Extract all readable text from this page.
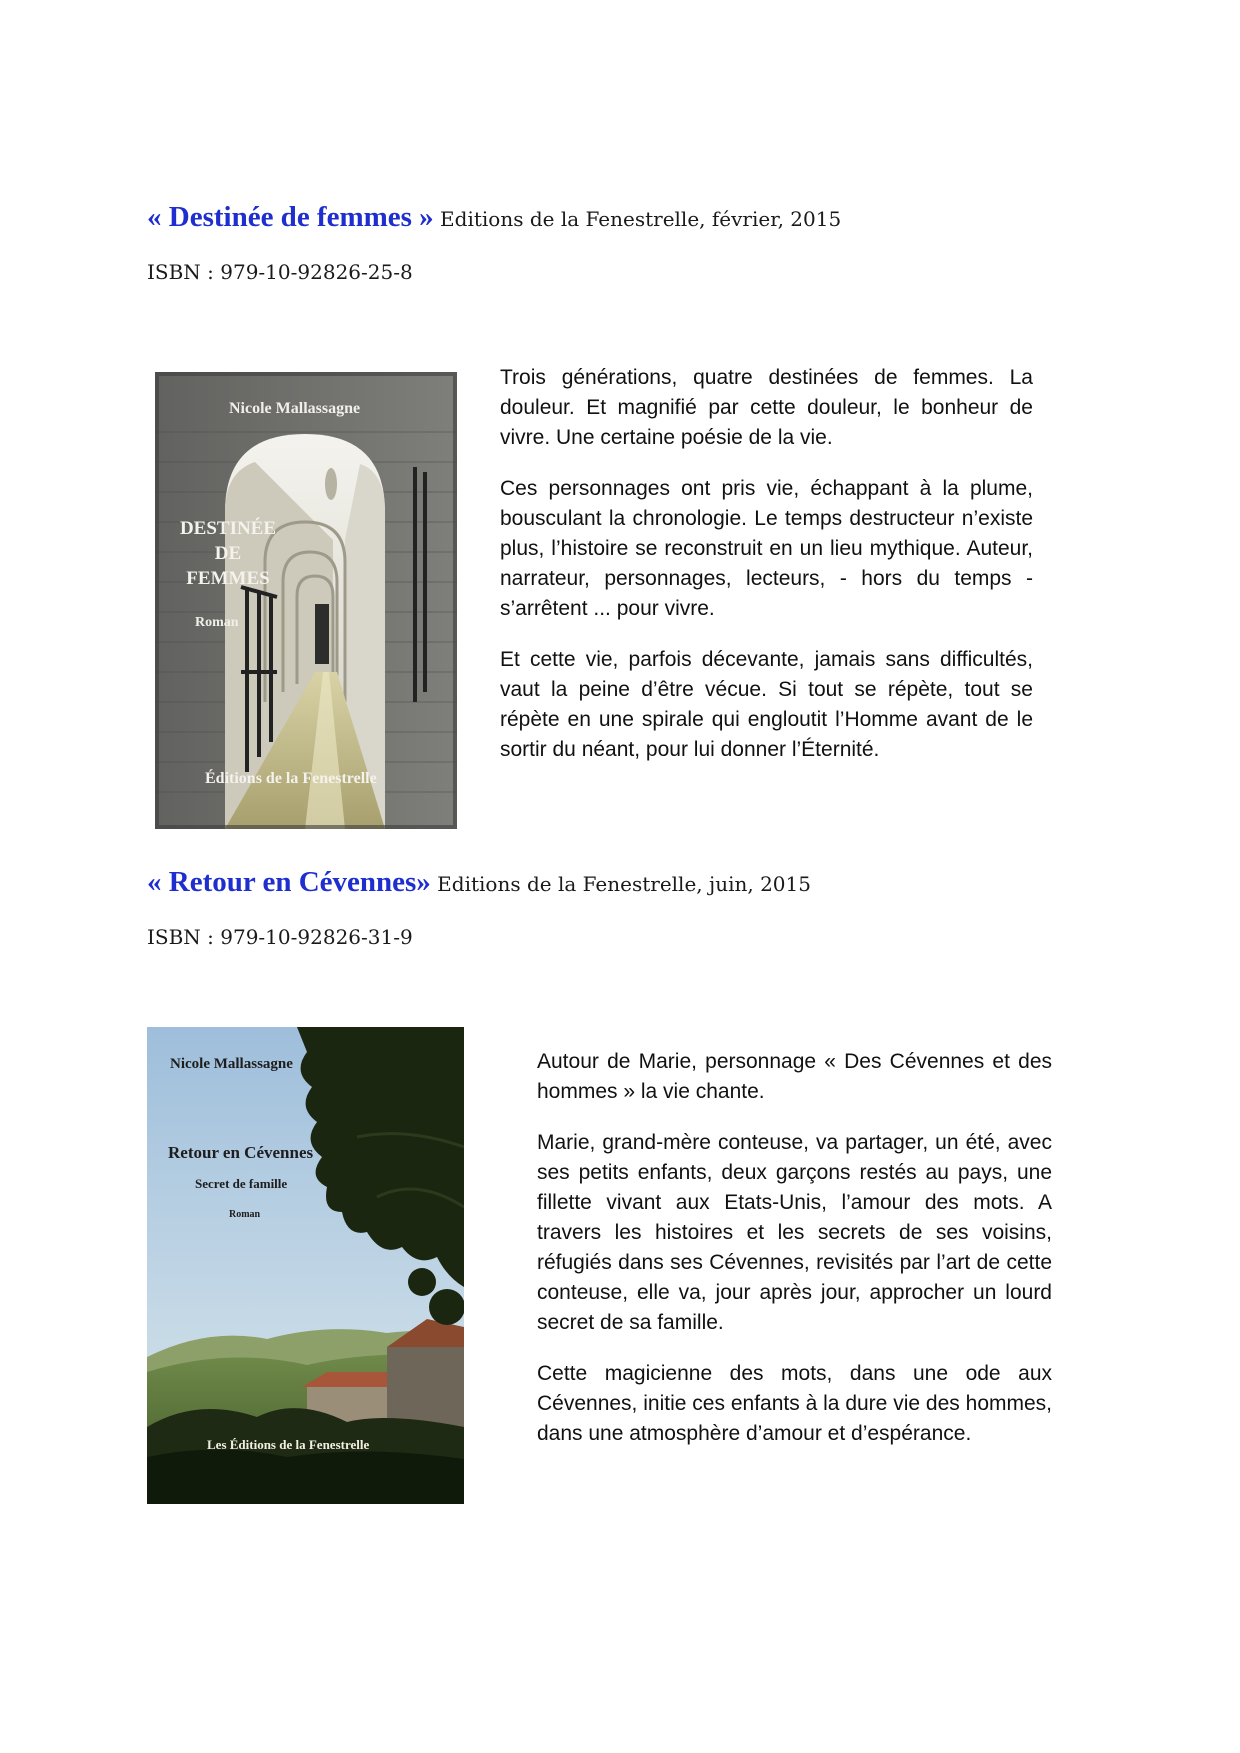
« Destinée de femmes » Editions de la Fenestrelle, février, 2015
ISBN : 979-10-92826-25-8
Nicole Mallassagne
DESTINÉE
DE
FEMMES
Roman
Éditions de la Fenestrelle

Trois générations, quatre destinées de femmes. La douleur. Et magnifié par cette douleur, le bonheur de vivre. Une certaine poésie de la vie.

Ces personnages ont pris vie, échappant à la plume, bousculant la chronologie. Le temps destructeur n’existe plus, l’histoire se reconstruit en un lieu mythique. Auteur, narrateur, personnages, lecteurs, - hors du temps - s’arrêtent ... pour vivre.

Et cette vie, parfois décevante, jamais sans difficultés, vaut la peine d’être vécue. Si tout se répète, tout se répète en une spirale qui engloutit l’Homme avant de le sortir du néant, pour lui donner l’Éternité.

« Retour en Cévennes» Editions de la Fenestrelle, juin, 2015
ISBN : 979-10-92826-31-9
Nicole Mallassagne
Retour en Cévennes
Secret de famille
Roman
Les Éditions de la Fenestrelle

Autour de Marie, personnage « Des Cévennes et des hommes » la vie chante.

Marie, grand-mère conteuse, va partager, un été, avec ses petits enfants, deux garçons restés au pays, une fillette vivant aux Etats-Unis, l’amour des mots. A travers les histoires et les secrets de ses voisins, réfugiés dans ses Cévennes, revisités par l’art de cette conteuse, elle va, jour après jour, approcher un lourd secret de sa famille.

Cette magicienne des mots, dans une ode aux Cévennes, initie ces enfants à la dure vie des hommes, dans une atmosphère d’amour et d’espérance.
